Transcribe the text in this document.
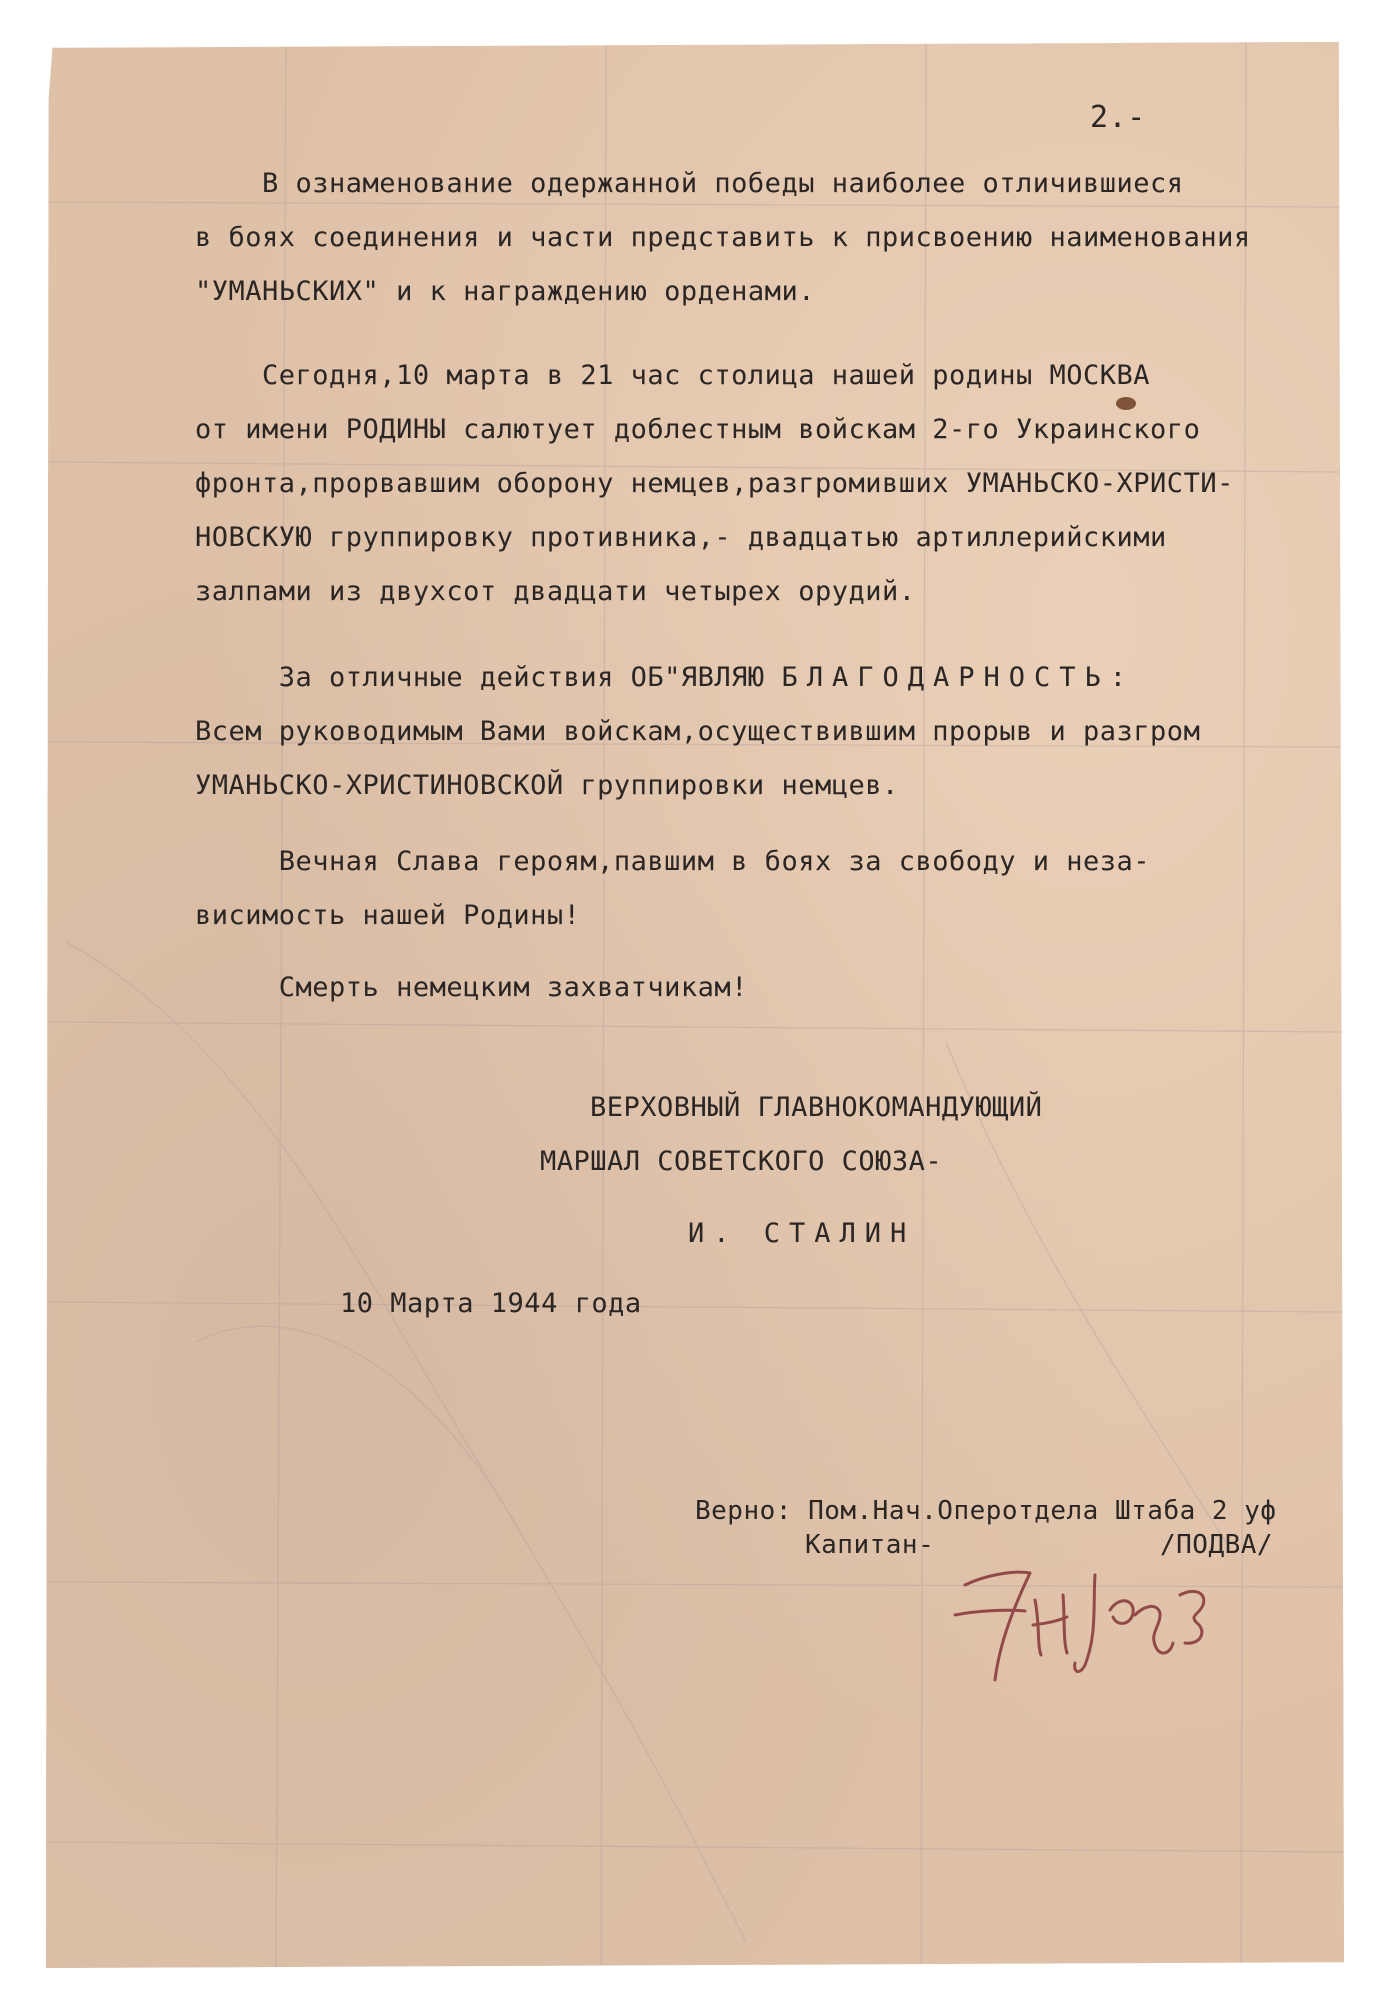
2.-
В ознаменование одержанной победы наиболее отличившиеся
в боях соединения и части представить к присвоению наименования
"УМАНЬСКИХ" и к награждению орденами.
Сегодня,10 марта в 21 час столица нашей родины МОСКВА
от имени РОДИНЫ салютует доблестным войскам 2-го Украинского
фронта,прорвавшим оборону немцев,разгромивших УМАНЬСКО-ХРИСТИ-
НОВСКУЮ группировку противника,- двадцатью артиллерийскими
залпами из двухсот двадцати четырех орудий.
За отличные действия ОБ"ЯВЛЯЮ БЛАГОДАРНОСТЬ:
Всем руководимым Вами войскам,осуществившим прорыв и разгром
УМАНЬСКО-ХРИСТИНОВСКОЙ группировки немцев.
Вечная Слава героям,павшим в боях за свободу и неза-
висимость нашей Родины!
Смерть немецким захватчикам!
ВЕРХОВНЫЙ ГЛАВНОКОМАНДУЮЩИЙ
МАРШАЛ СОВЕТСКОГО СОЮЗА-
И. СТАЛИН
10 Марта 1944 года
Верно: Пом.Нач.Оперотдела Штаба 2 уф
Капитан-	/ПОДВА/
